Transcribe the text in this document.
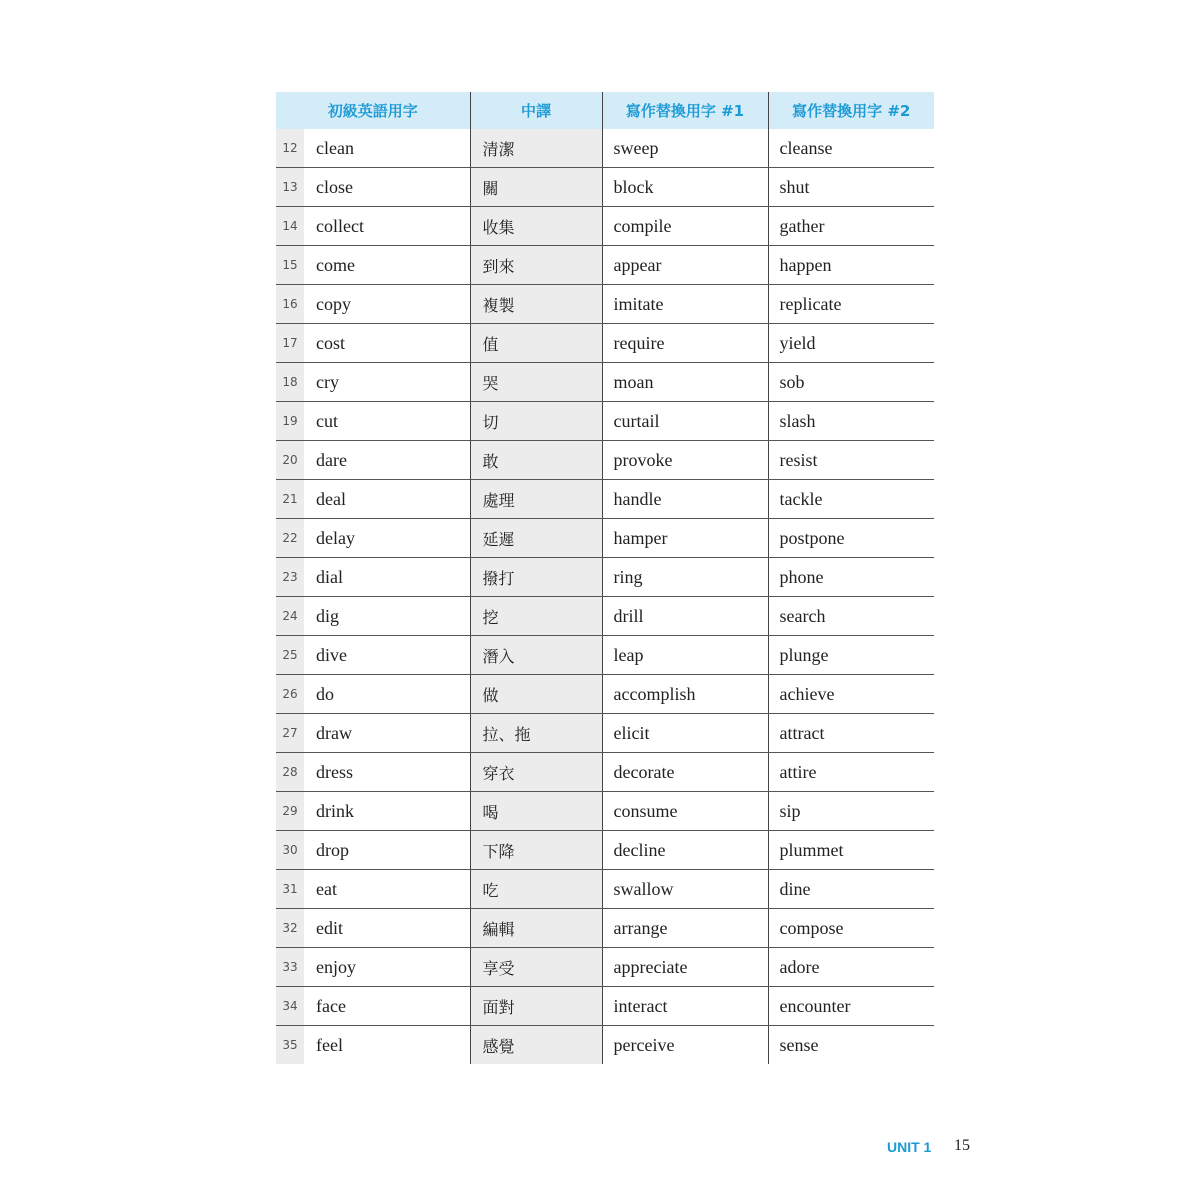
初級英語用字	中譯	寫作替換用字 #1	寫作替換用字 #2

12 clean	清潔	sweep	cleanse

13 close	關	block	shut

14 collect	收集	compile	gather

15 come	到來	appear	happen

16 copy	複製	imitate	replicate

17 cost	值	require	yield

18 cry	哭	moan	sob

19 cut	切	curtail	slash

20 dare	敢	provoke	resist

21 deal	處理	handle	tackle

22 delay	延遲	hamper	postpone

23 dial	撥打	ring	phone

24 dig	挖	drill	search

25 dive	潛入	leap	plunge

26 do	做	accomplish	achieve

27 draw	拉、拖	elicit	attract

28 dress	穿衣	decorate	attire

29 drink	喝	consume	sip

30 drop	下降	decline	plummet

31 eat	吃	swallow	dine

32 edit	編輯	arrange	compose

33 enjoy	享受	appreciate	adore

34 face	面對	interact	encounter

35 feel	感覺	perceive	sense
UNIT 1 15
